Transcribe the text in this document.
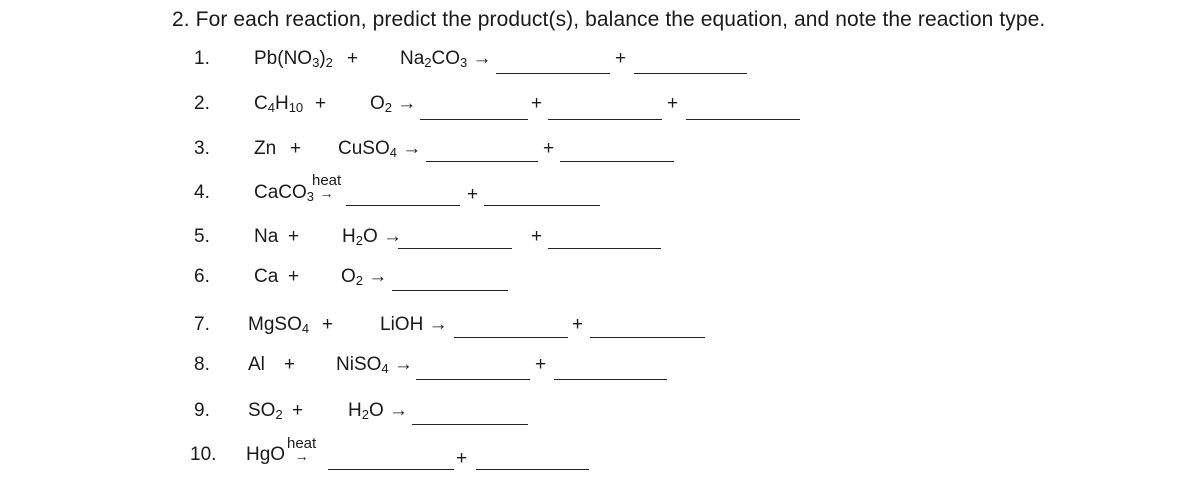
2. For each reaction, predict the product(s), balance the equation, and note the reaction type.
1. $Pb(NO_3)_2 + Na_2CO_3$ →	+
2. $C_4H_{10} + O_2$ →	+	+
3. Zn + CuSO$_4$ →	+
4. CaCO$_3$
heat
→	+
5. $Na + H_2O$ →	+
6. $Ca + O_2$ →
7. MgSO$_4$ + LiOH →	+
8. Al + NiSO$_4$ →	+
9. $SO_2 + H_2O$ →
10. HgO
heat
→	+
